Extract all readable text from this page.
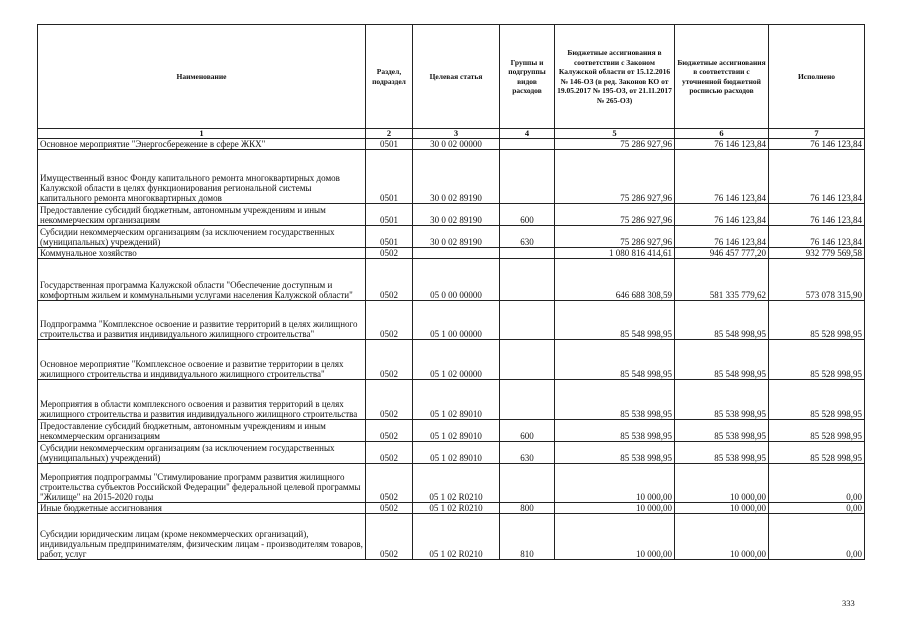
Наименование	Раздел, подраздел	Целевая статья	Группы и подгруппы видов расходов	Бюджетные ассигнования в соответствии с Законом Калужской области от 15.12.2016 № 146-ОЗ (в ред. Законов КО от 19.05.2017 № 195-ОЗ, от 21.11.2017 № 265-ОЗ)	Бюджетные ассигнования в соответствии с уточненной бюджетной росписью расходов	Исполнено
1	2	3	4	5	6	7
Основное мероприятие "Энергосбережение в сфере ЖКХ"	0501	30 0 02 00000		75 286 927,96	76 146 123,84	76 146 123,84
Имущественный взнос Фонду капитального ремонта многоквартирных домов Калужской области в целях функционирования региональной системы капитального ремонта многоквартирных домов	0501	30 0 02 89190		75 286 927,96	76 146 123,84	76 146 123,84
Предоставление субсидий бюджетным, автономным учреждениям и иным некоммерческим организациям	0501	30 0 02 89190	600	75 286 927,96	76 146 123,84	76 146 123,84
Субсидии некоммерческим организациям (за исключением государственных (муниципальных) учреждений)	0501	30 0 02 89190	630	75 286 927,96	76 146 123,84	76 146 123,84
Коммунальное хозяйство	0502			1 080 816 414,61	946 457 777,20	932 779 569,58
Государственная программа Калужской области "Обеспечение доступным и комфортным жильем и коммунальными услугами населения Калужской области"	0502	05 0 00 00000		646 688 308,59	581 335 779,62	573 078 315,90
Подпрограмма "Комплексное освоение и развитие территорий в целях жилищного строительства и развития индивидуального жилищного строительства"	0502	05 1 00 00000		85 548 998,95	85 548 998,95	85 528 998,95
Основное мероприятие "Комплексное освоение и развитие территории в целях жилищного строительства и индивидуального жилищного строительства"	0502	05 1 02 00000		85 548 998,95	85 548 998,95	85 528 998,95
Мероприятия в области комплексного освоения и развития территорий в целях жилищного строительства и развития индивидуального жилищного строительства	0502	05 1 02 89010		85 538 998,95	85 538 998,95	85 528 998,95
Предоставление субсидий бюджетным, автономным учреждениям и иным некоммерческим организациям	0502	05 1 02 89010	600	85 538 998,95	85 538 998,95	85 528 998,95
Субсидии некоммерческим организациям (за исключением государственных (муниципальных) учреждений)	0502	05 1 02 89010	630	85 538 998,95	85 538 998,95	85 528 998,95
Мероприятия подпрограммы "Стимулирование программ развития жилищного строительства субъектов Российской Федерации" федеральной целевой программы "Жилище" на 2015-2020 годы	0502	05 1 02 R0210		10 000,00	10 000,00	0,00
Иные бюджетные ассигнования	0502	05 1 02 R0210	800	10 000,00	10 000,00	0,00
Субсидии юридическим лицам (кроме некоммерческих организаций), индивидуальным предпринимателям, физическим лицам - производителям товаров, работ, услуг	0502	05 1 02 R0210	810	10 000,00	10 000,00	0,00
333
